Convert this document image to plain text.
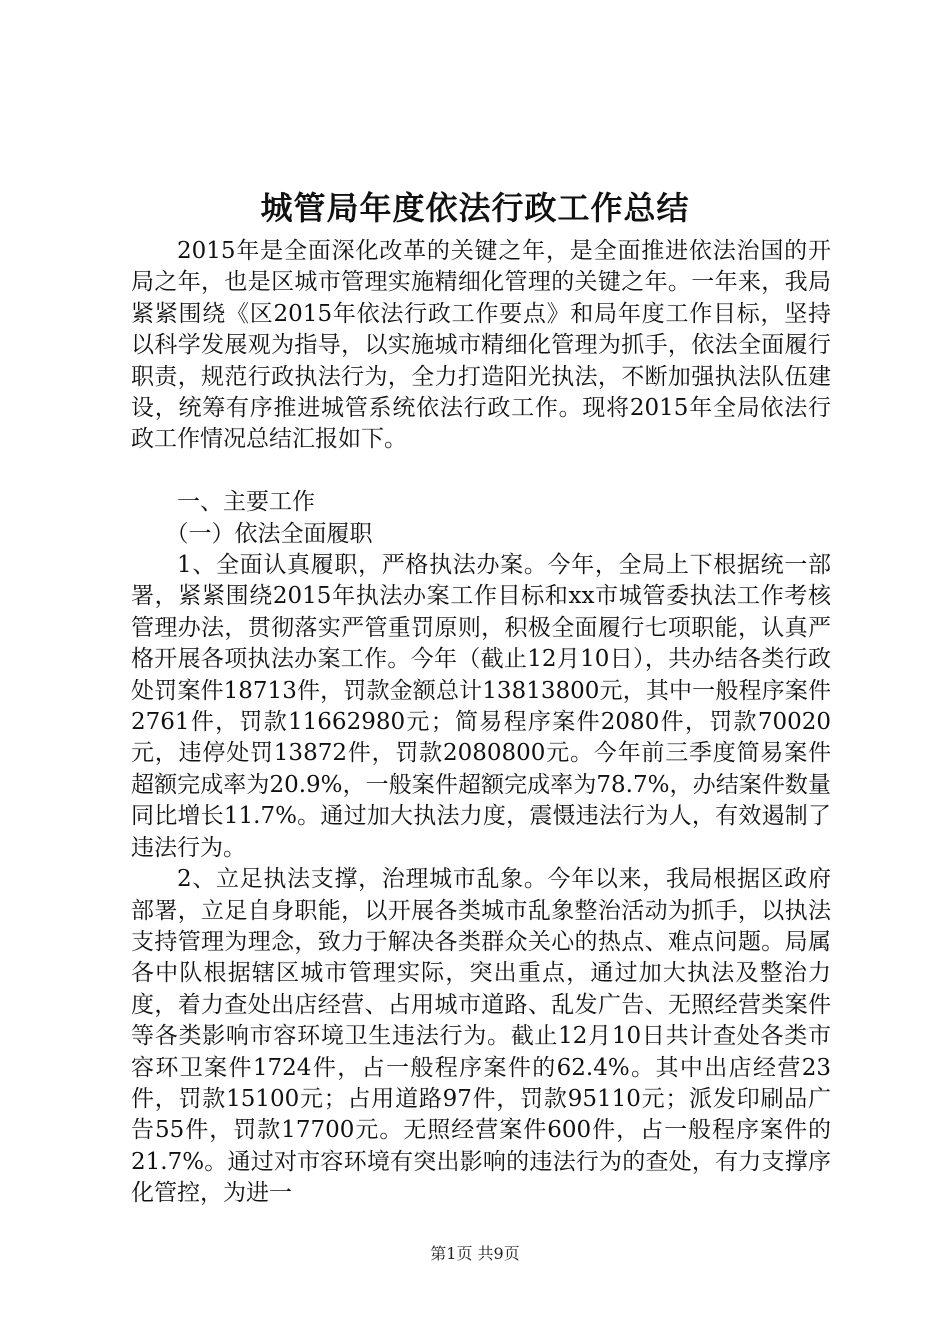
城管局年度依法行政工作总结

2015年是全面深化改革的关键之年，是全面推进依法治国的开局之年，也是区城市管理实施精细化管理的关键之年。一年来，我局紧紧围绕《区2015年依法行政工作要点》和局年度工作目标，坚持以科学发展观为指导，以实施城市精细化管理为抓手，依法全面履行职责，规范行政执法行为，全力打造阳光执法，不断加强执法队伍建设，统筹有序推进城管系统依法行政工作。现将2015年全局依法行政工作情况总结汇报如下。

一、主要工作

（一）依法全面履职

1、全面认真履职，严格执法办案。今年，全局上下根据统一部署，紧紧围绕2015年执法办案工作目标和xx市城管委执法工作考核管理办法，贯彻落实严管重罚原则，积极全面履行七项职能，认真严格开展各项执法办案工作。今年（截止12月10日），共办结各类行政处罚案件18713件，罚款金额总计13813800元，其中一般程序案件2761件，罚款11662980元；简易程序案件2080件，罚款70020元，违停处罚13872件，罚款2080800元。今年前三季度简易案件超额完成率为20.9%，一般案件超额完成率为78.7%，办结案件数量同比增长11.7%。通过加大执法力度，震慑违法行为人，有效遏制了违法行为。

2、立足执法支撑，治理城市乱象。今年以来，我局根据区政府部署，立足自身职能，以开展各类城市乱象整治活动为抓手，以执法支持管理为理念，致力于解决各类群众关心的热点、难点问题。局属各中队根据辖区城市管理实际，突出重点，通过加大执法及整治力度，着力查处出店经营、占用城市道路、乱发广告、无照经营类案件等各类影响市容环境卫生违法行为。截止12月10日共计查处各类市容环卫案件1724件，占一般程序案件的62.4%。其中出店经营23件，罚款15100元；占用道路97件，罚款95110元；派发印刷品广告55件，罚款17700元。无照经营案件600件，占一般程序案件的21.7%。通过对市容环境有突出影响的违法行为的查处，有力支撑序化管控，为进一

第1页 共9页
